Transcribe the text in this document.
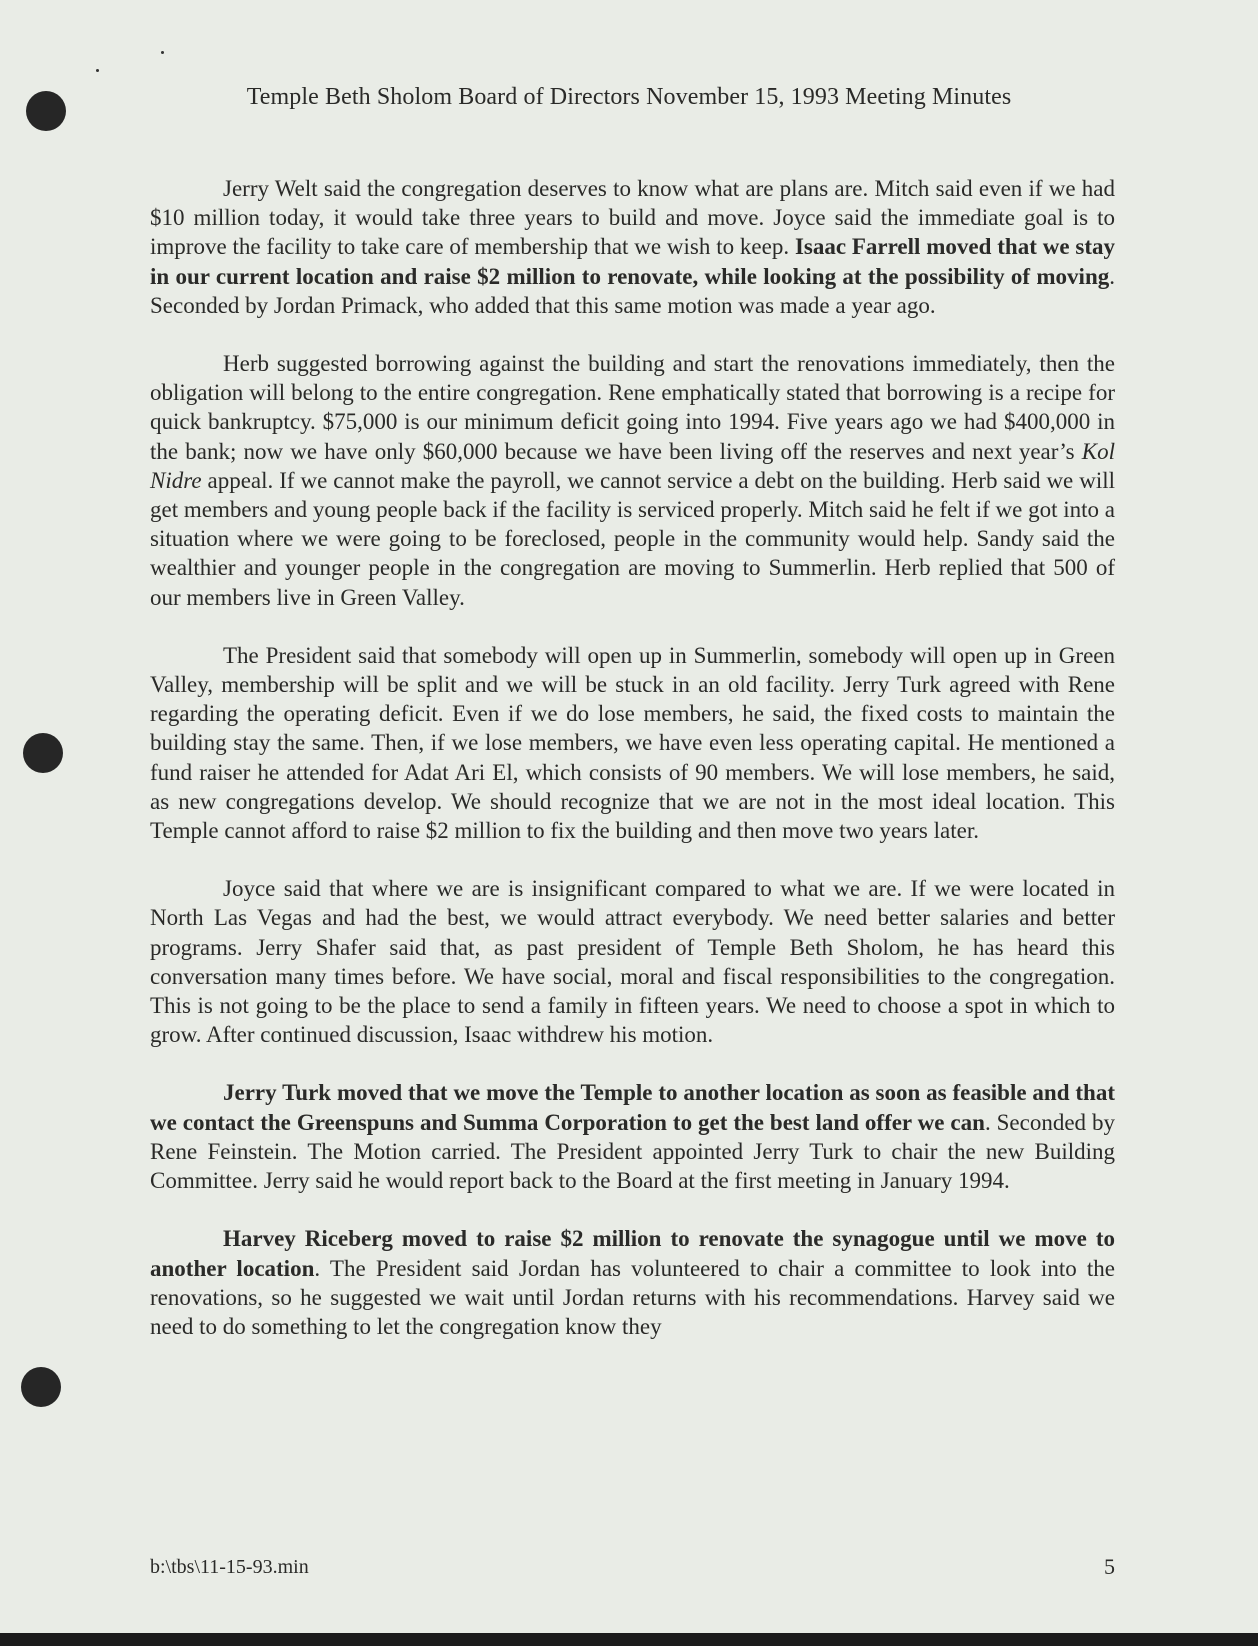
Temple Beth Sholom Board of Directors November 15, 1993 Meeting Minutes

Jerry Welt said the congregation deserves to know what are plans are. Mitch said even if we had $10 million today, it would take three years to build and move. Joyce said the immediate goal is to improve the facility to take care of membership that we wish to keep. Isaac Farrell moved that we stay in our current location and raise $2 million to renovate, while looking at the possibility of moving. Seconded by Jordan Primack, who added that this same motion was made a year ago.

Herb suggested borrowing against the building and start the renovations immediately, then the obligation will belong to the entire congregation. Rene emphatically stated that borrowing is a recipe for quick bankruptcy. $75,000 is our minimum deficit going into 1994. Five years ago we had $400,000 in the bank; now we have only $60,000 because we have been living off the reserves and next year’s Kol Nidre appeal. If we cannot make the payroll, we cannot service a debt on the building. Herb said we will get members and young people back if the facility is serviced properly. Mitch said he felt if we got into a situation where we were going to be foreclosed, people in the community would help. Sandy said the wealthier and younger people in the congregation are moving to Summerlin. Herb replied that 500 of our members live in Green Valley.

The President said that somebody will open up in Summerlin, somebody will open up in Green Valley, membership will be split and we will be stuck in an old facility. Jerry Turk agreed with Rene regarding the operating deficit. Even if we do lose members, he said, the fixed costs to maintain the building stay the same. Then, if we lose members, we have even less operating capital. He mentioned a fund raiser he attended for Adat Ari El, which consists of 90 members. We will lose members, he said, as new congregations develop. We should recognize that we are not in the most ideal location. This Temple cannot afford to raise $2 million to fix the building and then move two years later.

Joyce said that where we are is insignificant compared to what we are. If we were located in North Las Vegas and had the best, we would attract everybody. We need better salaries and better programs. Jerry Shafer said that, as past president of Temple Beth Sholom, he has heard this conversation many times before. We have social, moral and fiscal responsibilities to the congregation. This is not going to be the place to send a family in fifteen years. We need to choose a spot in which to grow. After continued discussion, Isaac withdrew his motion.

Jerry Turk moved that we move the Temple to another location as soon as feasible and that we contact the Greenspuns and Summa Corporation to get the best land offer we can. Seconded by Rene Feinstein. The Motion carried. The President appointed Jerry Turk to chair the new Building Committee. Jerry said he would report back to the Board at the first meeting in January 1994.

Harvey Riceberg moved to raise $2 million to renovate the synagogue until we move to another location. The President said Jordan has volunteered to chair a committee to look into the renovations, so he suggested we wait until Jordan returns with his recommendations. Harvey said we need to do something to let the congregation know they

b:\tbs\11-15-93.min	5
